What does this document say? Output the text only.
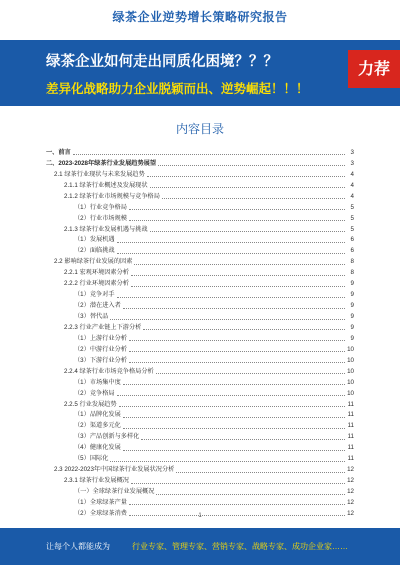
绿茶企业逆势增长策略研究报告
绿茶企业如何走出同质化困境？？？
差异化战略助力企业脱颖而出、逆势崛起！！！
力荐
内容目录
一、前言	3
二、2023-2028年绿茶行业发展趋势展望	3
2.1 绿茶行业现状与未来发展趋势	4
2.1.1 绿茶行业概述及发展现状	4
2.1.2 绿茶行业市场规模与竞争格局	4
（1）行业竞争格局	5
（2）行业市场规模	5
2.1.3 绿茶行业发展机遇与挑战	5
（1）发展机遇	6
（2）面临挑战	6
2.2 影响绿茶行业发展的因素	8
2.2.1 宏观环境因素分析	8
2.2.2 行业环境因素分析	9
（1）竞争对手	9
（2）潜在进入者	9
（3）替代品	9
2.2.3 行业产业链上下游分析	9
（1）上游行业分析	9
（2）中游行业分析	10
（3）下游行业分析	10
2.2.4 绿茶行业市场竞争格局分析	10
（1）市场集中度	10
（2）竞争格局	10
2.2.5 行业发展趋势	11
（1）品牌化发展	11
（2）渠道多元化	11
（3）产品创新与多样化	11
（4）健康化发展	11
（5）国际化	11
2.3 2022-2023年中国绿茶行业发展状况分析	12
2.3.1 绿茶行业发展概况	12
（一）全球绿茶行业发展概况	12
（1）全球绿茶产量	12
（2）全球绿茶消费	12
1
让每个人都能成为	行业专家、管理专家、营销专家、战略专家、成功企业家……
